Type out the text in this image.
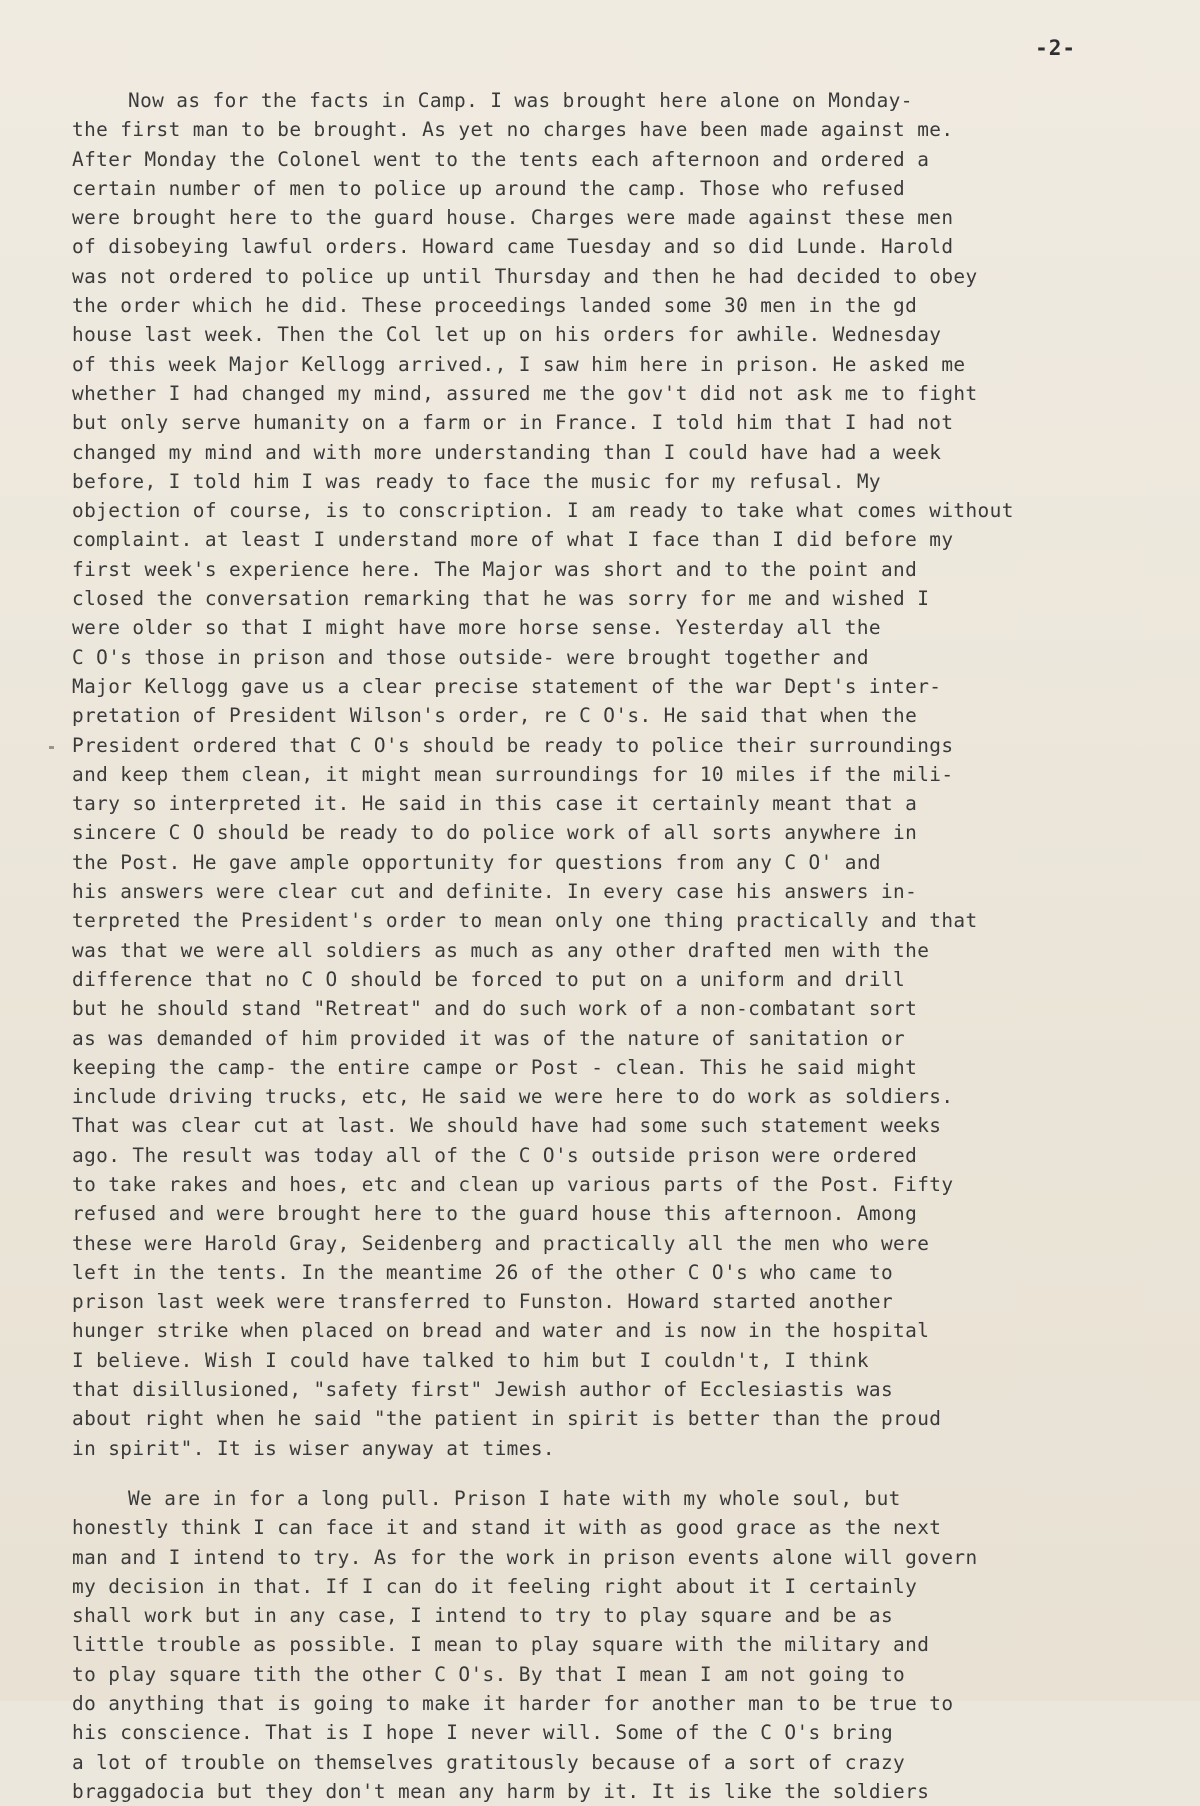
-2-
Now as for the facts in Camp. I was brought here alone on Monday-
the first man to be brought. As yet no charges have been made against me.
After Monday the Colonel went to the tents each afternoon and ordered a
certain number of men to police up around the camp. Those who refused
were brought here to the guard house. Charges were made against these men
of disobeying lawful orders. Howard came Tuesday and so did Lunde. Harold
was not ordered to police up until Thursday and then he had decided to obey
the order which he did. These proceedings landed some 30 men in the gd
house last week. Then the Col let up on his orders for awhile. Wednesday
of this week Major Kellogg arrived., I saw him here in prison. He asked me
whether I had changed my mind, assured me the gov't did not ask me to fight
but only serve humanity on a farm or in France. I told him that I had not
changed my mind and with more understanding than I could have had a week
before, I told him I was ready to face the music for my refusal. My
objection of course, is to conscription. I am ready to take what comes without
complaint. at least I understand more of what I face than I did before my
first week's experience here. The Major was short and to the point and
closed the conversation remarking that he was sorry for me and wished I
were older so that I might have more horse sense. Yesterday all the
C O's those in prison and those outside- were brought together and
Major Kellogg gave us a clear precise statement of the war Dept's inter-
pretation of President Wilson's order, re C O's. He said that when the
President ordered that C O's should be ready to police their surroundings
and keep them clean, it might mean surroundings for 10 miles if the mili-
tary so interpreted it. He said in this case it certainly meant that a
sincere C O should be ready to do police work of all sorts anywhere in
the Post. He gave ample opportunity for questions from any C O' and
his answers were clear cut and definite. In every case his answers in-
terpreted the President's order to mean only one thing practically and that
was that we were all soldiers as much as any other drafted men with the
difference that no C O should be forced to put on a uniform and drill
but he should stand "Retreat" and do such work of a non-combatant sort
as was demanded of him provided it was of the nature of sanitation or
keeping the camp- the entire campe or Post - clean. This he said might
include driving trucks, etc, He said we were here to do work as soldiers.
That was clear cut at last. We should have had some such statement weeks
ago. The result was today all of the C O's outside prison were ordered
to take rakes and hoes, etc and clean up various parts of the Post. Fifty
refused and were brought here to the guard house this afternoon. Among
these were Harold Gray, Seidenberg and practically all the men who were
left in the tents. In the meantime 26 of the other C O's who came to
prison last week were transferred to Funston. Howard started another
hunger strike when placed on bread and water and is now in the hospital
I believe. Wish I could have talked to him but I couldn't, I think
that disillusioned, "safety first" Jewish author of Ecclesiastis was
about right when he said "the patient in spirit is better than the proud
in spirit". It is wiser anyway at times.
We are in for a long pull. Prison I hate with my whole soul, but
honestly think I can face it and stand it with as good grace as the next
man and I intend to try. As for the work in prison events alone will govern
my decision in that. If I can do it feeling right about it I certainly
shall work but in any case, I intend to try to play square and be as
little trouble as possible. I mean to play square with the military and
to play square tith the other C O's. By that I mean I am not going to
do anything that is going to make it harder for another man to be true to
his conscience. That is I hope I never will. Some of the C O's bring
a lot of trouble on themselves gratitously because of a sort of crazy
braggadocia but they don't mean any harm by it. It is like the soldiers
